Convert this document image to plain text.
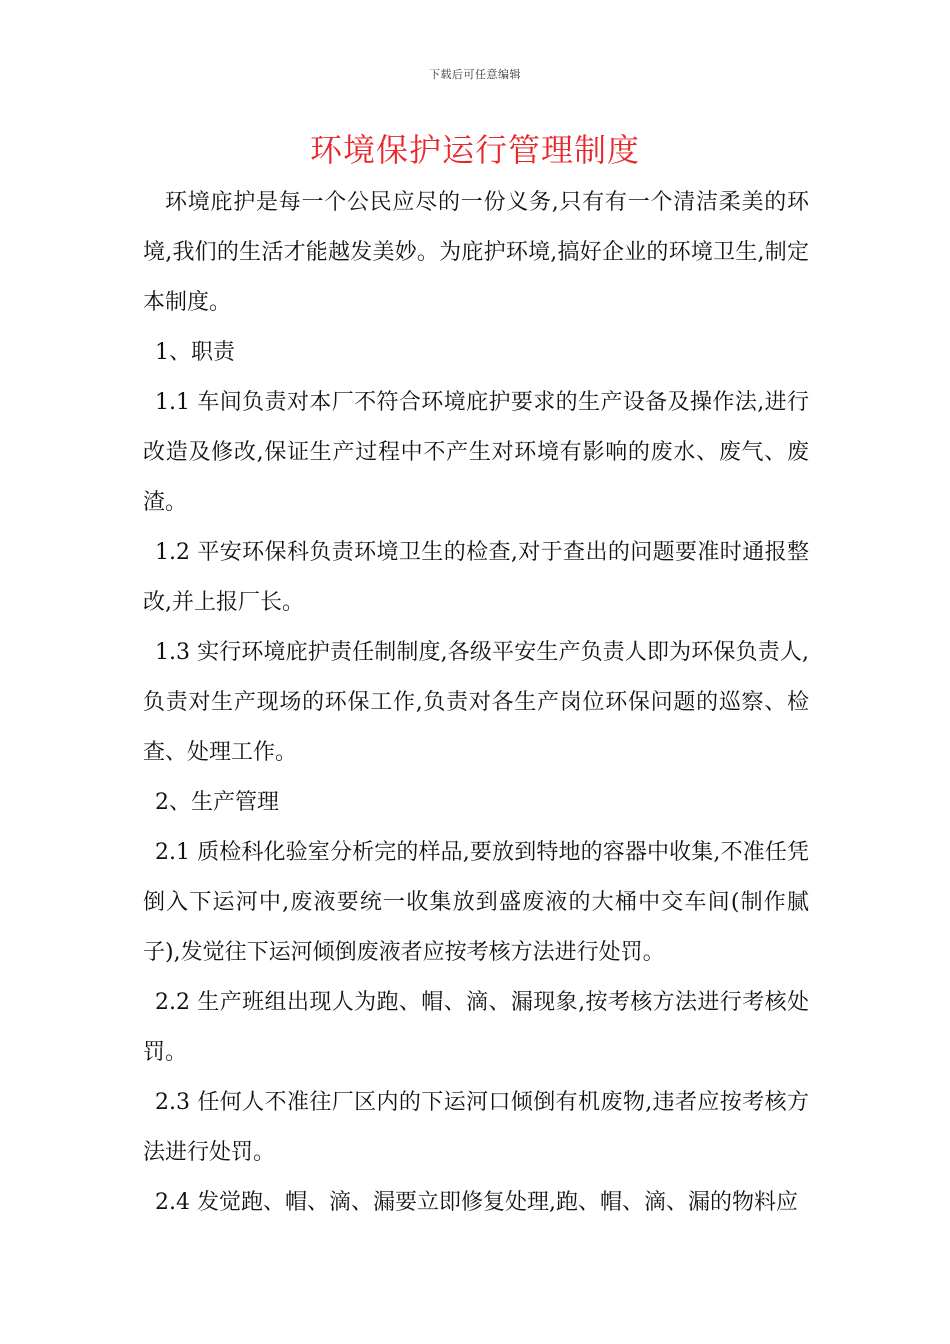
下载后可任意编辑
环境保护运行管理制度

环境庇护是每一个公民应尽的一份义务,只有有一个清洁柔美的环境,我们的生活才能越发美妙。为庇护环境,搞好企业的环境卫生,制定本制度。

1、职责

1.1 车间负责对本厂不符合环境庇护要求的生产设备及操作法,进行改造及修改,保证生产过程中不产生对环境有影响的废水、废气、废渣。

1.2 平安环保科负责环境卫生的检查,对于查出的问题要准时通报整改,并上报厂长。

1.3 实行环境庇护责任制制度,各级平安生产负责人即为环保负责人,负责对生产现场的环保工作,负责对各生产岗位环保问题的巡察、检查、处理工作。

2、生产管理

2.1 质检科化验室分析完的样品,要放到特地的容器中收集,不准任凭倒入下运河中,废液要统一收集放到盛废液的大桶中交车间(制作腻子),发觉往下运河倾倒废液者应按考核方法进行处罚。

2.2 生产班组出现人为跑、帽、滴、漏现象,按考核方法进行考核处罚。

2.3 任何人不准往厂区内的下运河口倾倒有机废物,违者应按考核方法进行处罚。

2.4 发觉跑、帽、滴、漏要立即修复处理,跑、帽、滴、漏的物料应
